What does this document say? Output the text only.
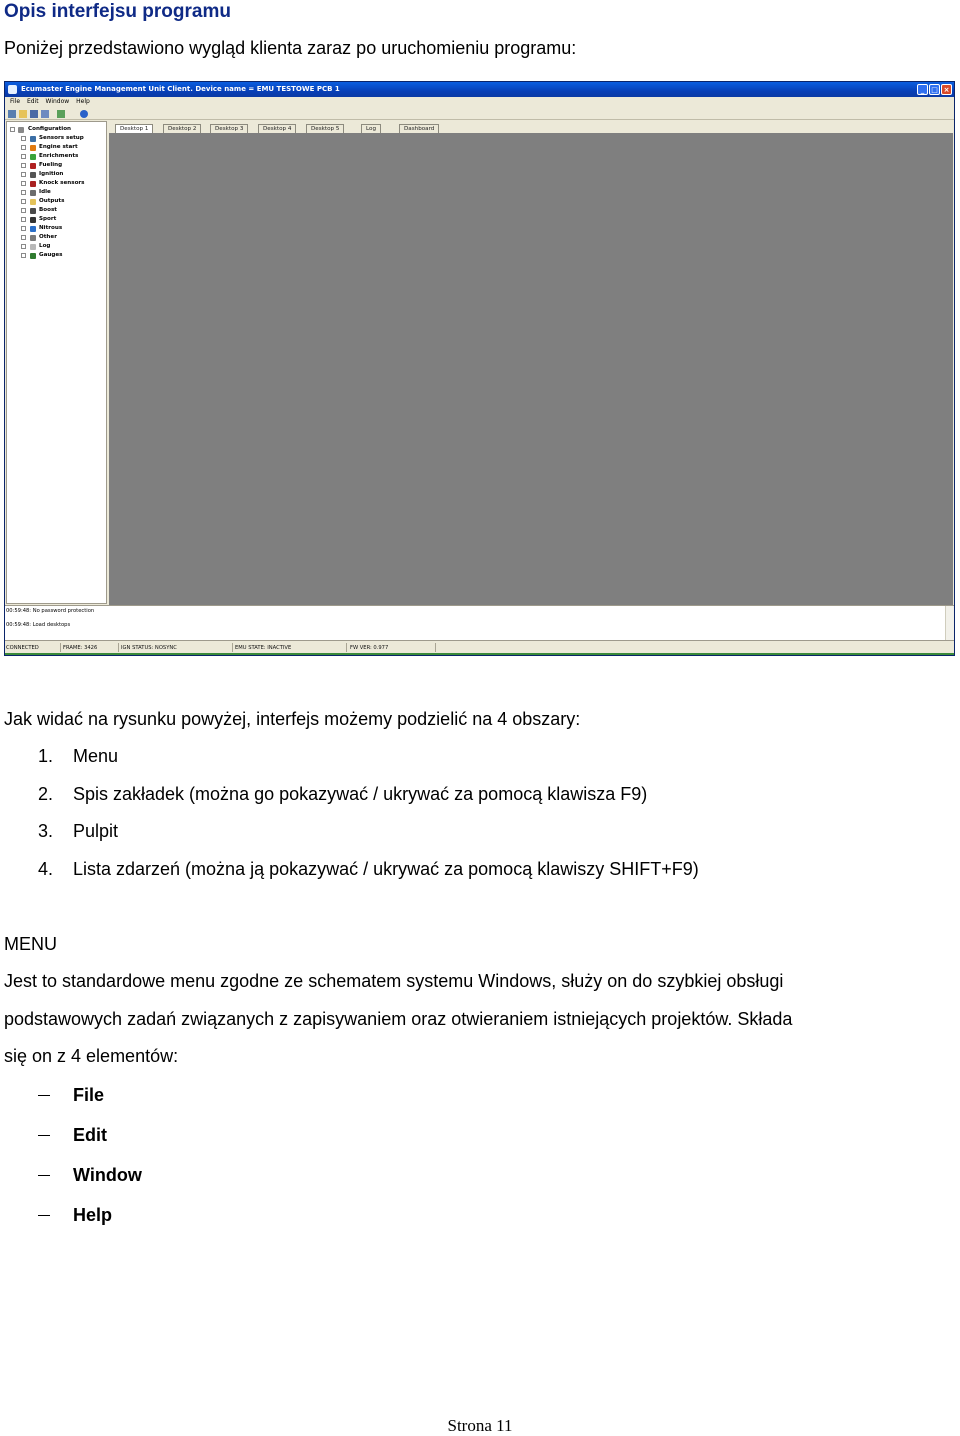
Opis interfejsu programu
Poniżej przedstawiono wygląd klienta zaraz po uruchomieniu programu:
Ecumaster Engine Management Unit Client. Device name = EMU TESTOWE PCB 1	_ □ ×
File Edit Window Help
Configuration
Sensors setup
Engine start
Enrichments
Fueling
Ignition
Knock sensors
Idle
Outputs
Boost
Sport
Nitrous
Other
Log
Gauges
Desktop 1	Desktop 2	Desktop 3	Desktop 4	Desktop 5	Log	Dashboard
00:59:48: No password protection
00:59:48: Load desktops
CONNECTED	FRAME: 3426	IGN STATUS: NOSYNC	EMU STATE: INACTIVE	FW VER: 0.977
Jak widać na rysunku powyżej, interfejs możemy podzielić na 4 obszary:
1. Menu
2. Spis zakładek (można go pokazywać / ukrywać za pomocą klawisza F9)
3. Pulpit
4. Lista zdarzeń (można ją pokazywać / ukrywać za pomocą klawiszy SHIFT+F9)
MENU
Jest to standardowe menu zgodne ze schematem systemu Windows, służy on do szybkiej obsługi
podstawowych zadań związanych z zapisywaniem oraz otwieraniem istniejących projektów. Składa
się on z 4 elementów:
File
Edit
Window
Help
Strona 11
